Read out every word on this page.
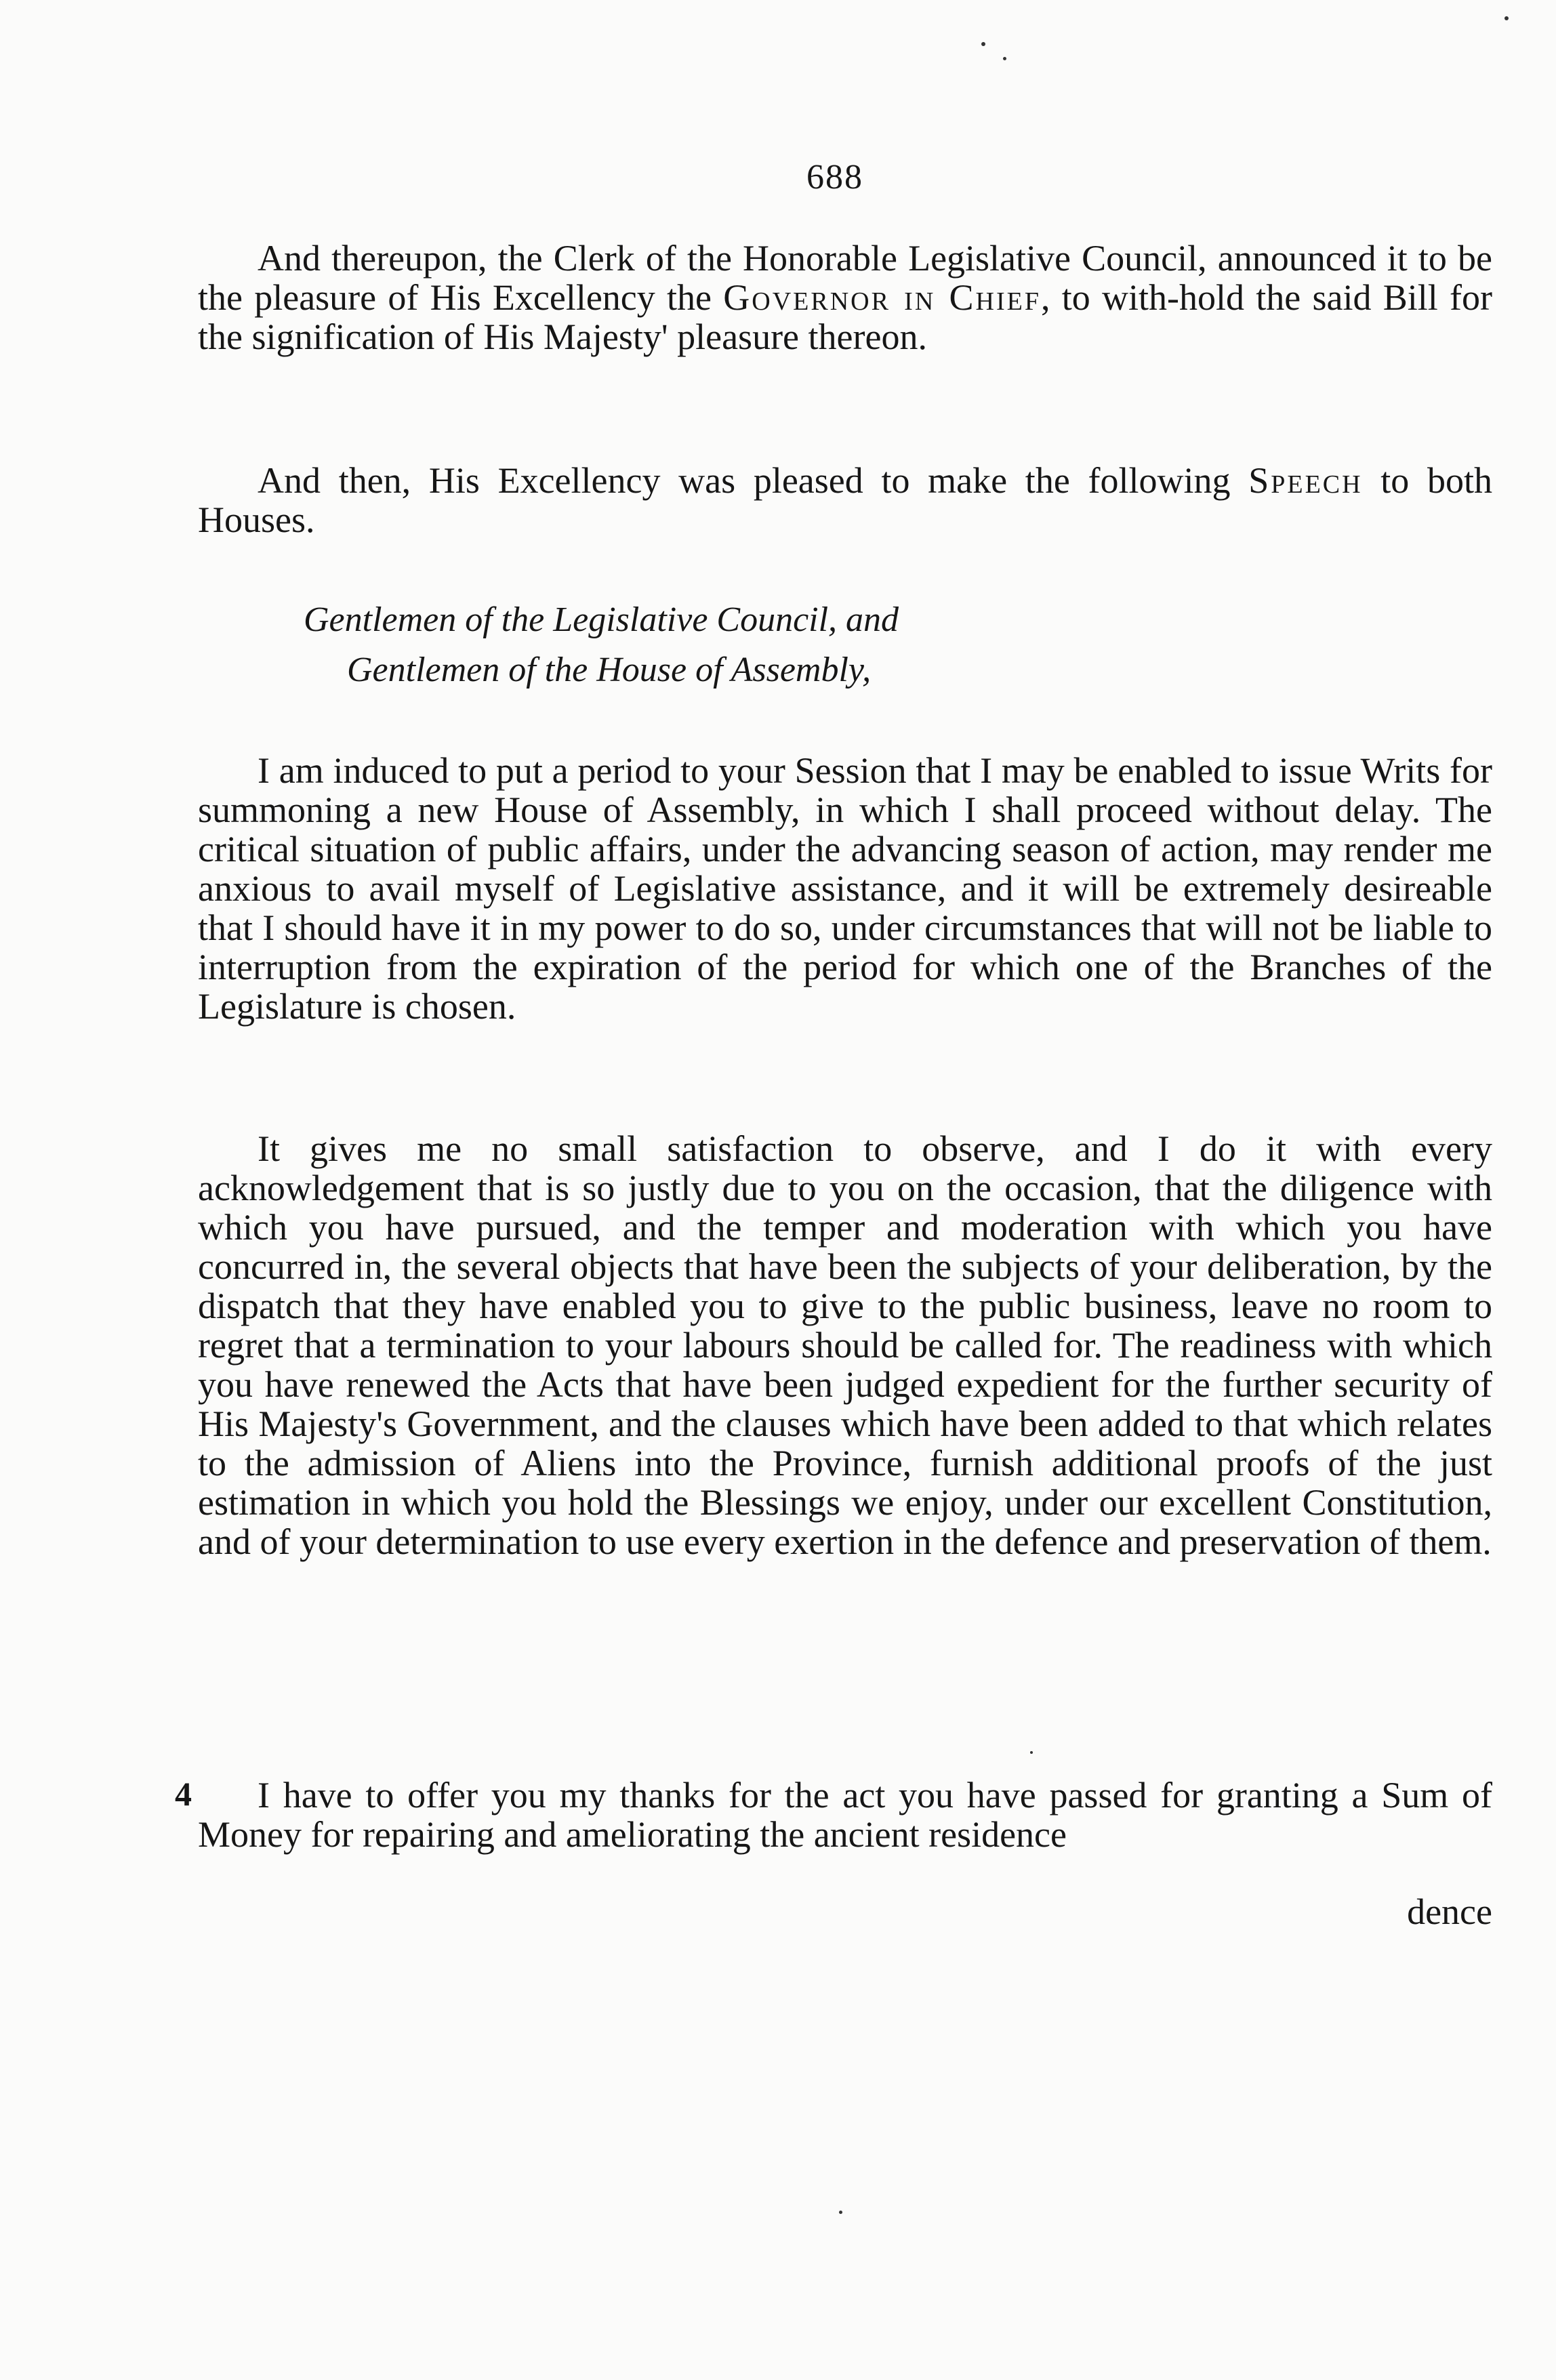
688

And thereupon, the Clerk of the Honorable Legislative Council, announced it to be the pleasure of His Excellency the Governor in Chief, to with-hold the said Bill for the signification of His Majesty' pleasure thereon.

And then, His Excellency was pleased to make the following Speech to both Houses.

Gentlemen of the Legislative Council, and
Gentlemen of the House of Assembly,

I am induced to put a period to your Session that I may be enabled to issue Writs for summoning a new House of Assembly, in which I shall proceed without delay. The critical situation of public affairs, under the advancing season of action, may render me anxious to avail myself of Legislative assistance, and it will be extremely desireable that I should have it in my power to do so, under circumstances that will not be liable to interruption from the expiration of the period for which one of the Branches of the Legislature is chosen.

It gives me no small satisfaction to observe, and I do it with every acknowledgement that is so justly due to you on the occasion, that the diligence with which you have pursued, and the temper and moderation with which you have concurred in, the several objects that have been the subjects of your deliberation, by the dispatch that they have enabled you to give to the public business, leave no room to regret that a termination to your labours should be called for. The readiness with which you have renewed the Acts that have been judged expedient for the further security of His Majesty's Government, and the clauses which have been added to that which relates to the admission of Aliens into the Province, furnish additional proofs of the just estimation in which you hold the Blessings we enjoy, under our excellent Constitution, and of your determination to use every exertion in the defence and preservation of them.

4	I have to offer you my thanks for the act you have passed for granting a Sum of Money for repairing and ameliorating the ancient residence

dence
